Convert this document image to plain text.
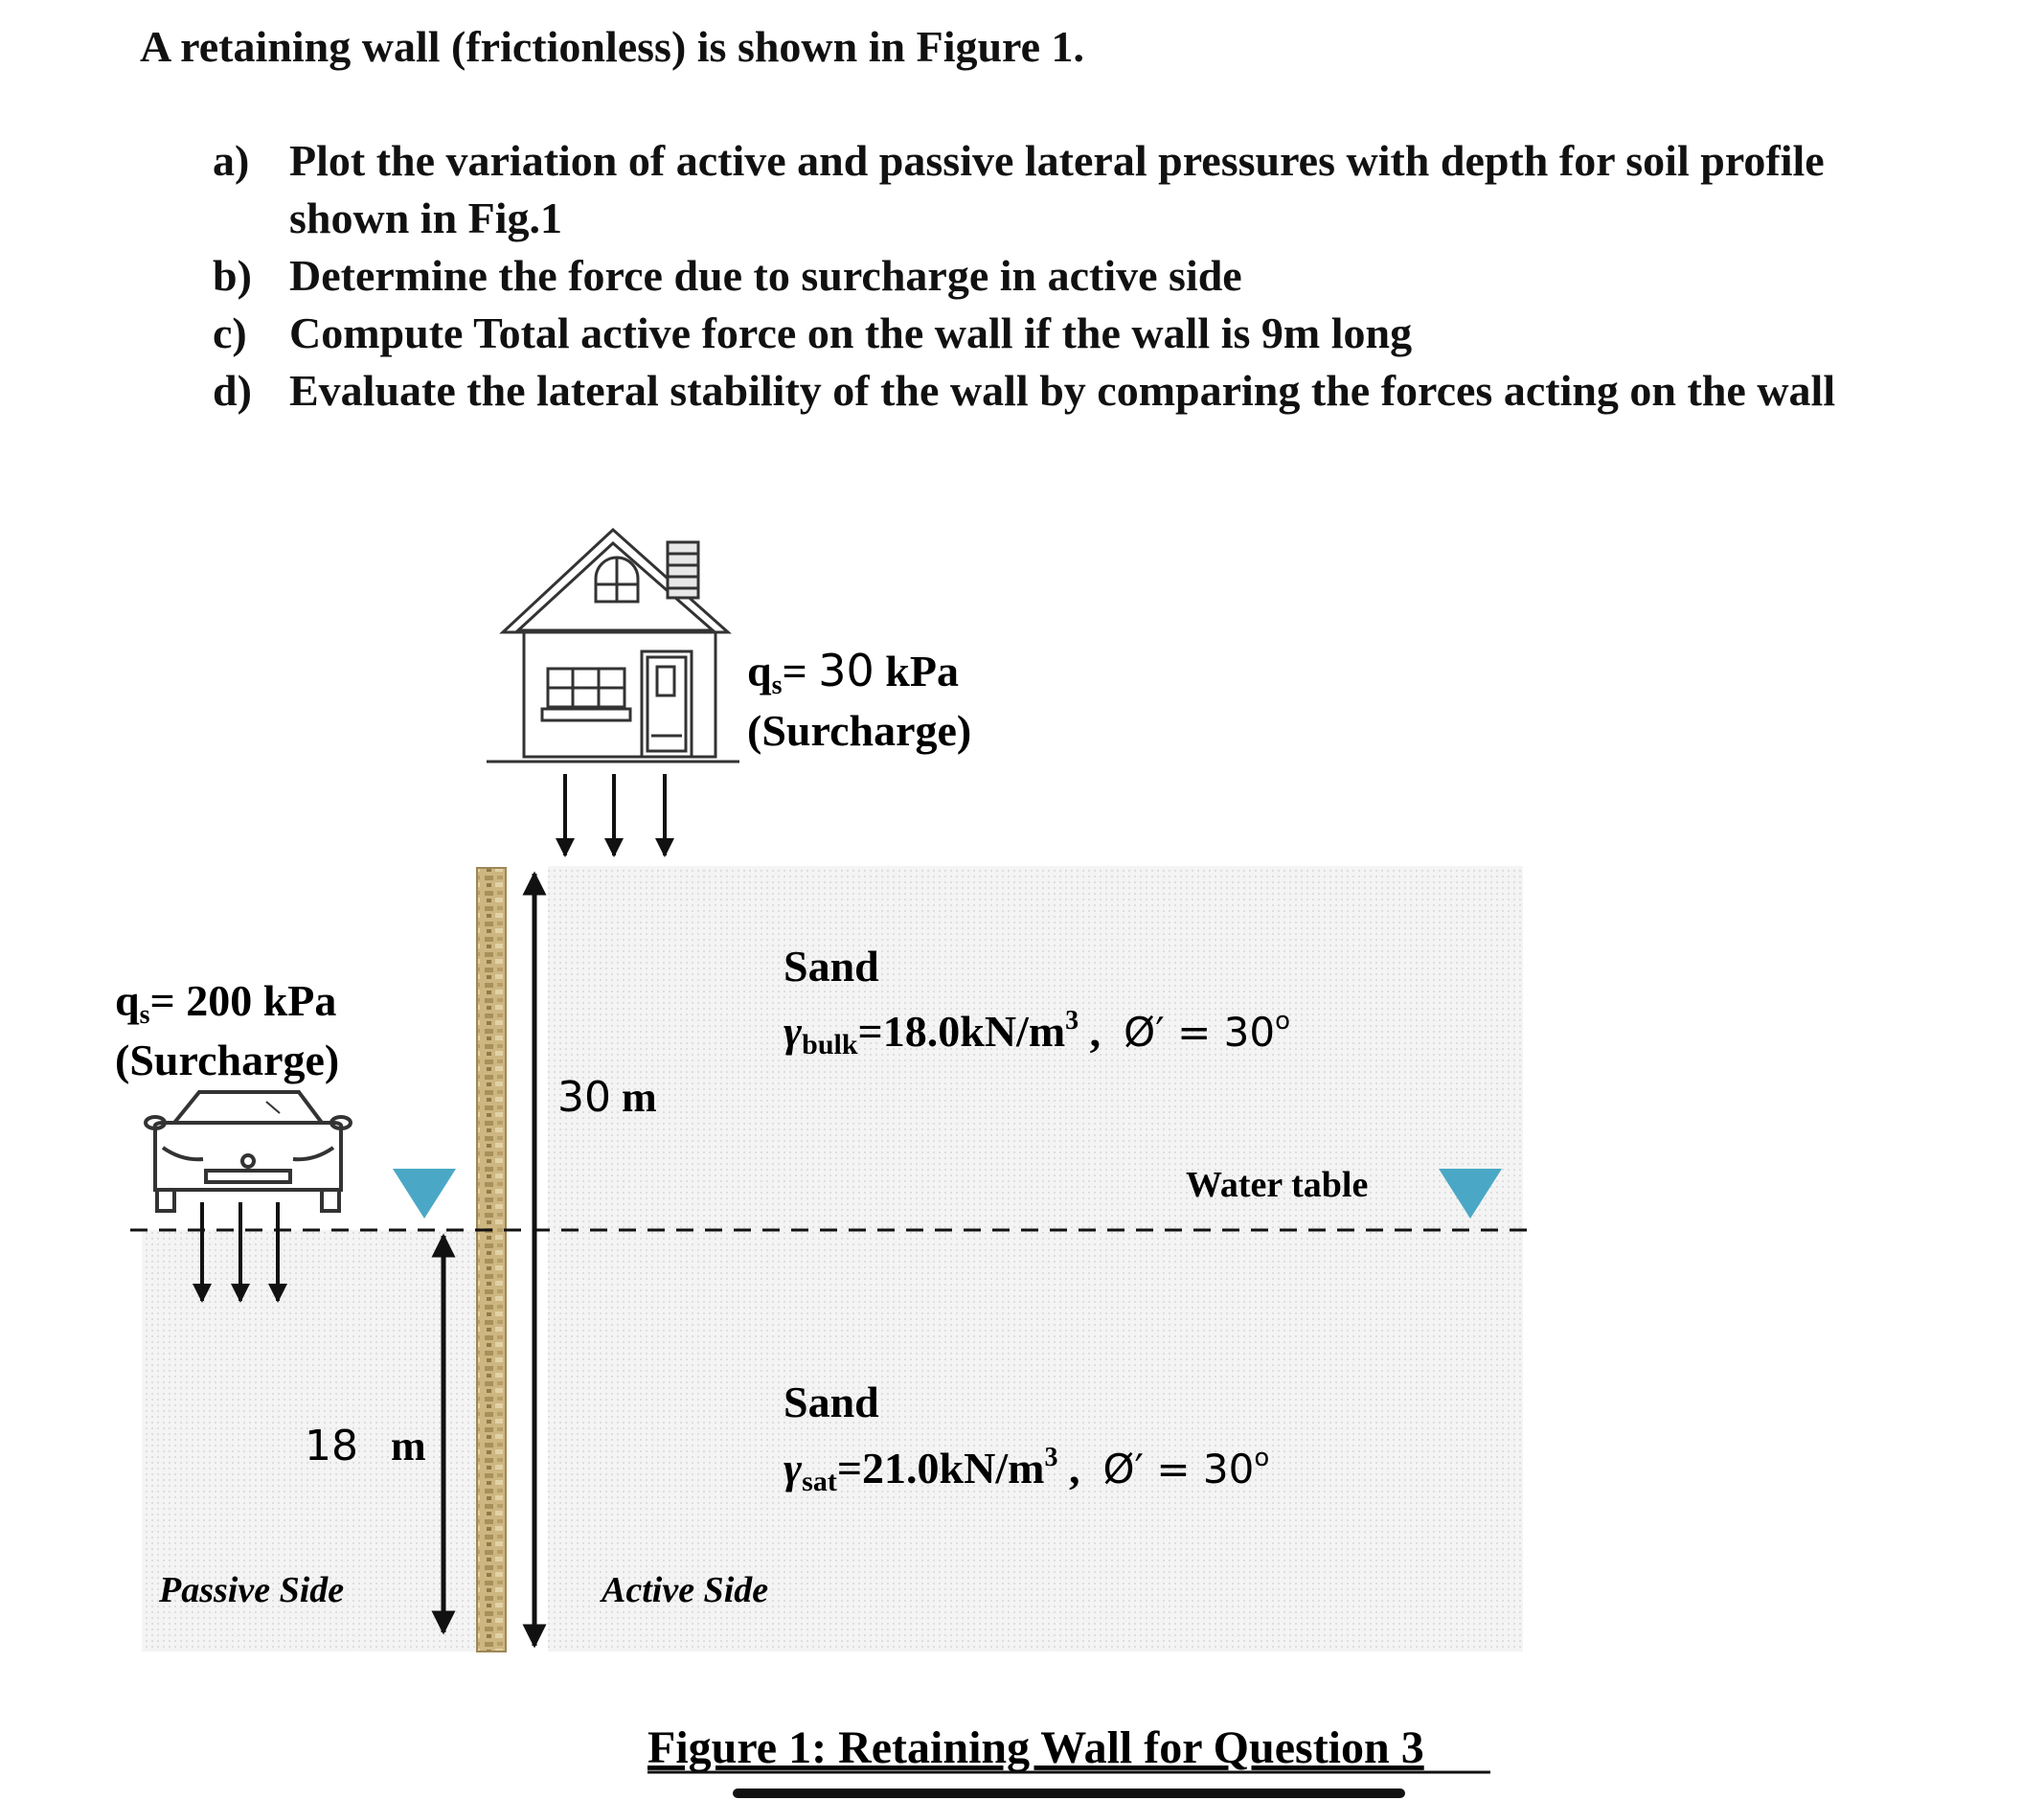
A retaining wall (frictionless) is shown in Figure 1.
a) Plot the variation of active and passive lateral pressures with depth for soil profile shown in Fig.1
b) Determine the force due to surcharge in active side
c) Compute Total active force on the wall if the wall is 9m long
d) Evaluate the lateral stability of the wall by comparing the forces acting on the wall
qs= 30 kPa
(Surcharge)
qs= 200 kPa
(Surcharge)
30 m
18 m
Sand
$\gamma bulk=18.0kN/m^3$ , Ø′ = $30^o$
Water table
Sand
$\gamma sat=21.0kN/m^3$ , Ø′ = $30^o$
Passive Side	Active Side
Figure 1: Retaining Wall for Question 3
